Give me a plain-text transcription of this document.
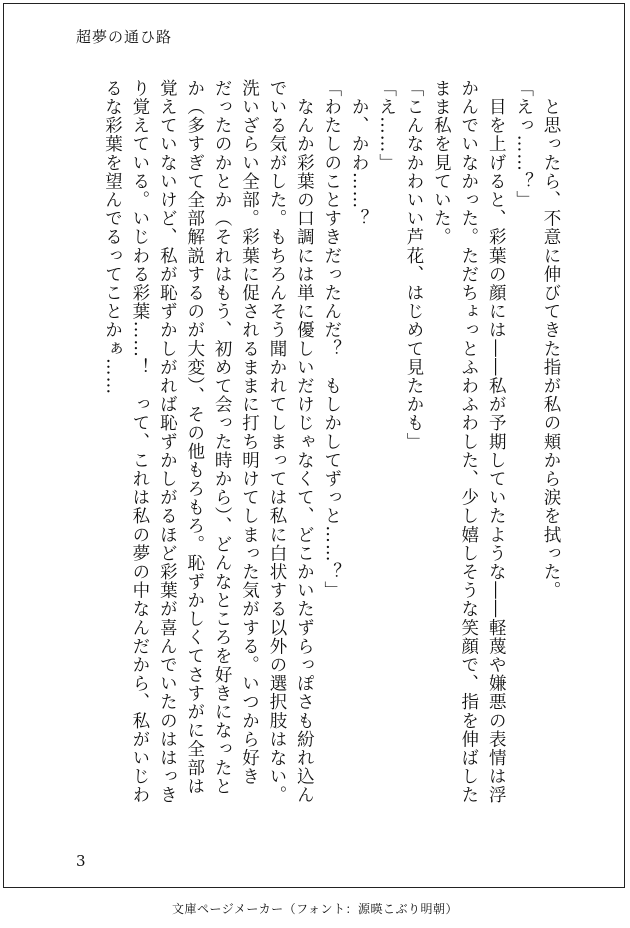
超夢の通ひ路
　と思ったら、不意に伸びてきた指が私の頬から涙を拭った。
「えっ……？」
　目を上げると、彩葉の顔には――私が予期していたような――軽蔑や嫌悪の表情は浮
かんでいなかった。ただちょっとふわふわした、少し嬉しそうな笑顔で、指を伸ばした
まま私を見ていた。
「こんなかわいい芦花、はじめて見たかも」
「え……」
　か、かわ……？
「わたしのことすきだったんだ？　もしかしてずっと……？」
　なんか彩葉の口調には単に優しいだけじゃなくて、どこかいたずらっぽさも紛れ込ん
でいる気がした。もちろんそう聞かれてしまっては私に白状する以外の選択肢はない。
洗いざらい全部。彩葉に促されるままに打ち明けてしまった気がする。いつから好き
だったのかとか（それはもう、初めて会った時から）、どんなところを好きになったと
か（多すぎて全部解説するのが大変）、その他もろもろ。恥ずかしくてさすがに全部は
覚えていないけど、私が恥ずかしがれば恥ずかしがるほど彩葉が喜んでいたのははっき
り覚えている。いじわる彩葉……！　って、これは私の夢の中なんだから、私がいじわ
るな彩葉を望んでるってことかぁ……
3
文庫ページメーカー（フォント：源暎こぶり明朝）
